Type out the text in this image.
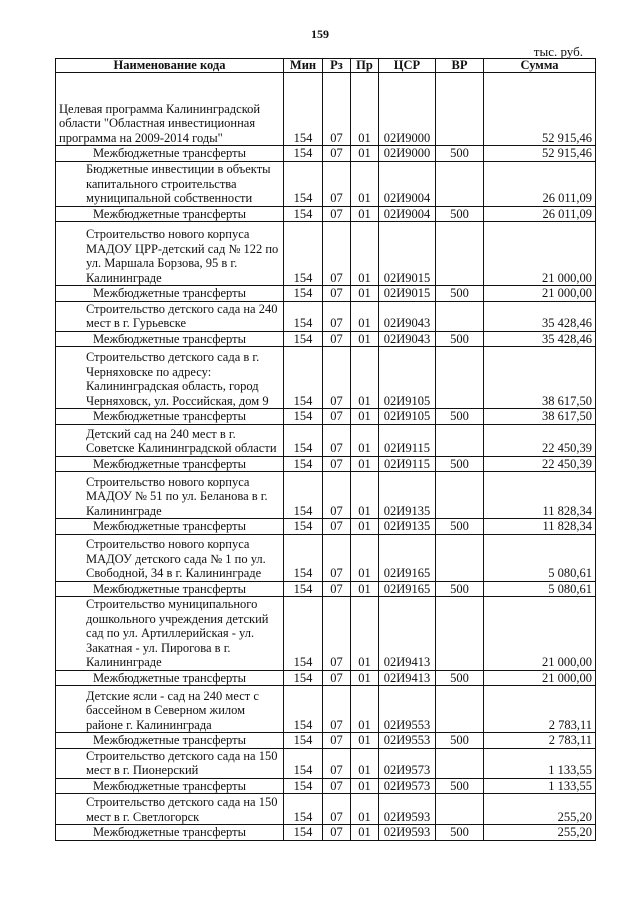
159
тыс. руб.
Наименование кода	Мин	Рз	Пр	ЦСР	ВР	Сумма
Целевая программа Калининградской области "Областная инвестиционная программа на 2009-2014 годы"	154	07	01	02И9000		52 915,46
Межбюджетные трансферты	154	07	01	02И9000	500	52 915,46
Бюджетные инвестиции в объекты капитального строительства муниципальной собственности	154	07	01	02И9004		26 011,09
Межбюджетные трансферты	154	07	01	02И9004	500	26 011,09
Строительство нового корпуса МАДОУ ЦРР-детский сад № 122 по ул. Маршала Борзова, 95 в г. Калининграде	154	07	01	02И9015		21 000,00
Межбюджетные трансферты	154	07	01	02И9015	500	21 000,00
Строительство детского сада на 240 мест в г. Гурьевске	154	07	01	02И9043		35 428,46
Межбюджетные трансферты	154	07	01	02И9043	500	35 428,46
Строительство детского сада в г. Черняховске по адресу: Калининградская область, город Черняховск, ул. Российская, дом 9	154	07	01	02И9105		38 617,50
Межбюджетные трансферты	154	07	01	02И9105	500	38 617,50
Детский сад на 240 мест в г. Советске Калининградской области	154	07	01	02И9115		22 450,39
Межбюджетные трансферты	154	07	01	02И9115	500	22 450,39
Строительство нового корпуса МАДОУ № 51 по ул. Беланова в г. Калининграде	154	07	01	02И9135		11 828,34
Межбюджетные трансферты	154	07	01	02И9135	500	11 828,34
Строительство нового корпуса МАДОУ детского сада № 1 по ул. Свободной, 34 в г. Калининграде	154	07	01	02И9165		5 080,61
Межбюджетные трансферты	154	07	01	02И9165	500	5 080,61
Строительство муниципального дошкольного учреждения детский сад по ул. Артиллерийская - ул. Закатная - ул. Пирогова в г. Калининграде	154	07	01	02И9413		21 000,00
Межбюджетные трансферты	154	07	01	02И9413	500	21 000,00
Детские ясли - сад на 240 мест с бассейном в Северном жилом районе г. Калининграда	154	07	01	02И9553		2 783,11
Межбюджетные трансферты	154	07	01	02И9553	500	2 783,11
Строительство детского сада на 150 мест в г. Пионерский	154	07	01	02И9573		1 133,55
Межбюджетные трансферты	154	07	01	02И9573	500	1 133,55
Строительство детского сада на 150 мест в г. Светлогорск	154	07	01	02И9593		255,20
Межбюджетные трансферты	154	07	01	02И9593	500	255,20
